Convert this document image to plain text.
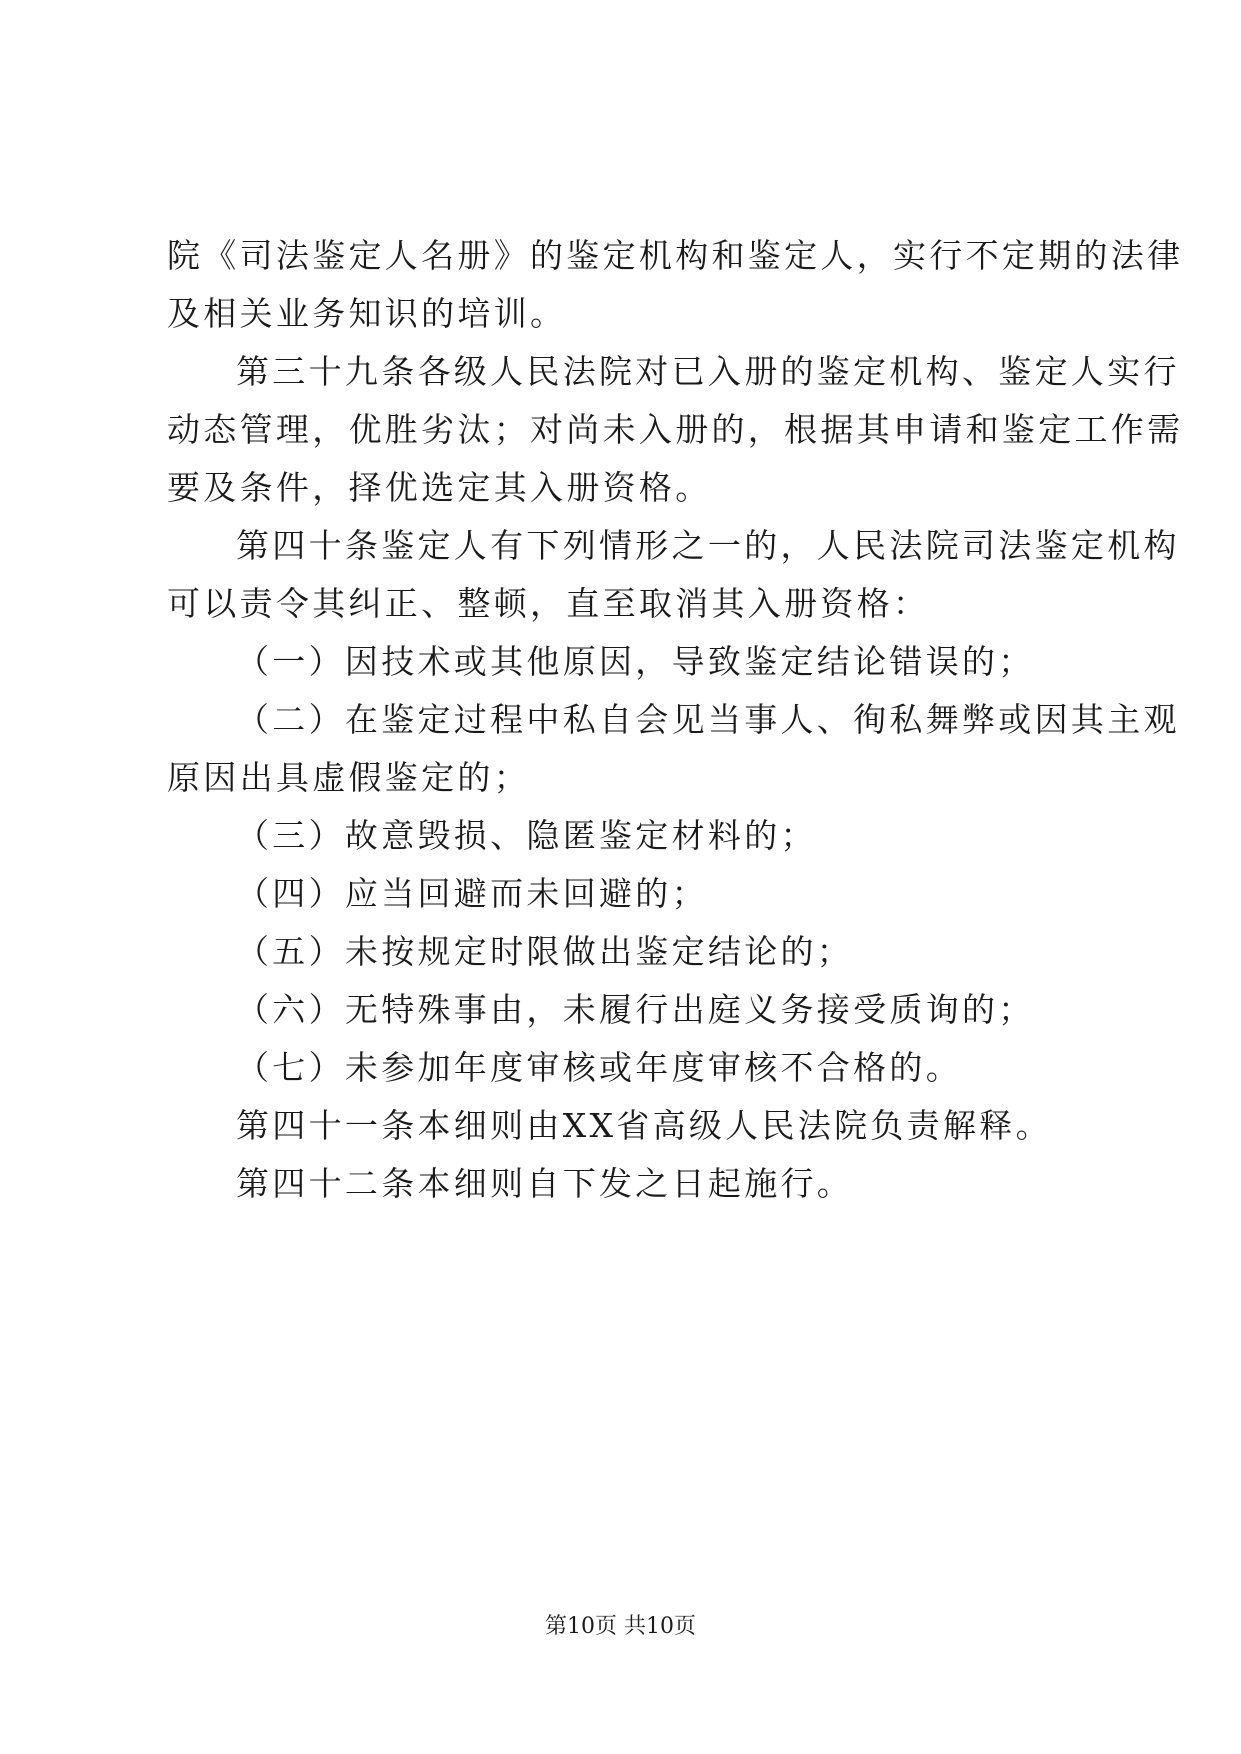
院《司法鉴定人名册》的鉴定机构和鉴定人，实行不定期的法律

及相关业务知识的培训。

第三十九条各级人民法院对已入册的鉴定机构、鉴定人实行

动态管理，优胜劣汰；对尚未入册的，根据其申请和鉴定工作需

要及条件，择优选定其入册资格。

第四十条鉴定人有下列情形之一的，人民法院司法鉴定机构

可以责令其纠正、整顿，直至取消其入册资格：

（一）因技术或其他原因，导致鉴定结论错误的；

（二）在鉴定过程中私自会见当事人、徇私舞弊或因其主观

原因出具虚假鉴定的；

（三）故意毁损、隐匿鉴定材料的；

（四）应当回避而未回避的；

（五）未按规定时限做出鉴定结论的；

（六）无特殊事由，未履行出庭义务接受质询的；

（七）未参加年度审核或年度审核不合格的。

第四十一条本细则由XX省高级人民法院负责解释。

第四十二条本细则自下发之日起施行。

第10页 共10页
